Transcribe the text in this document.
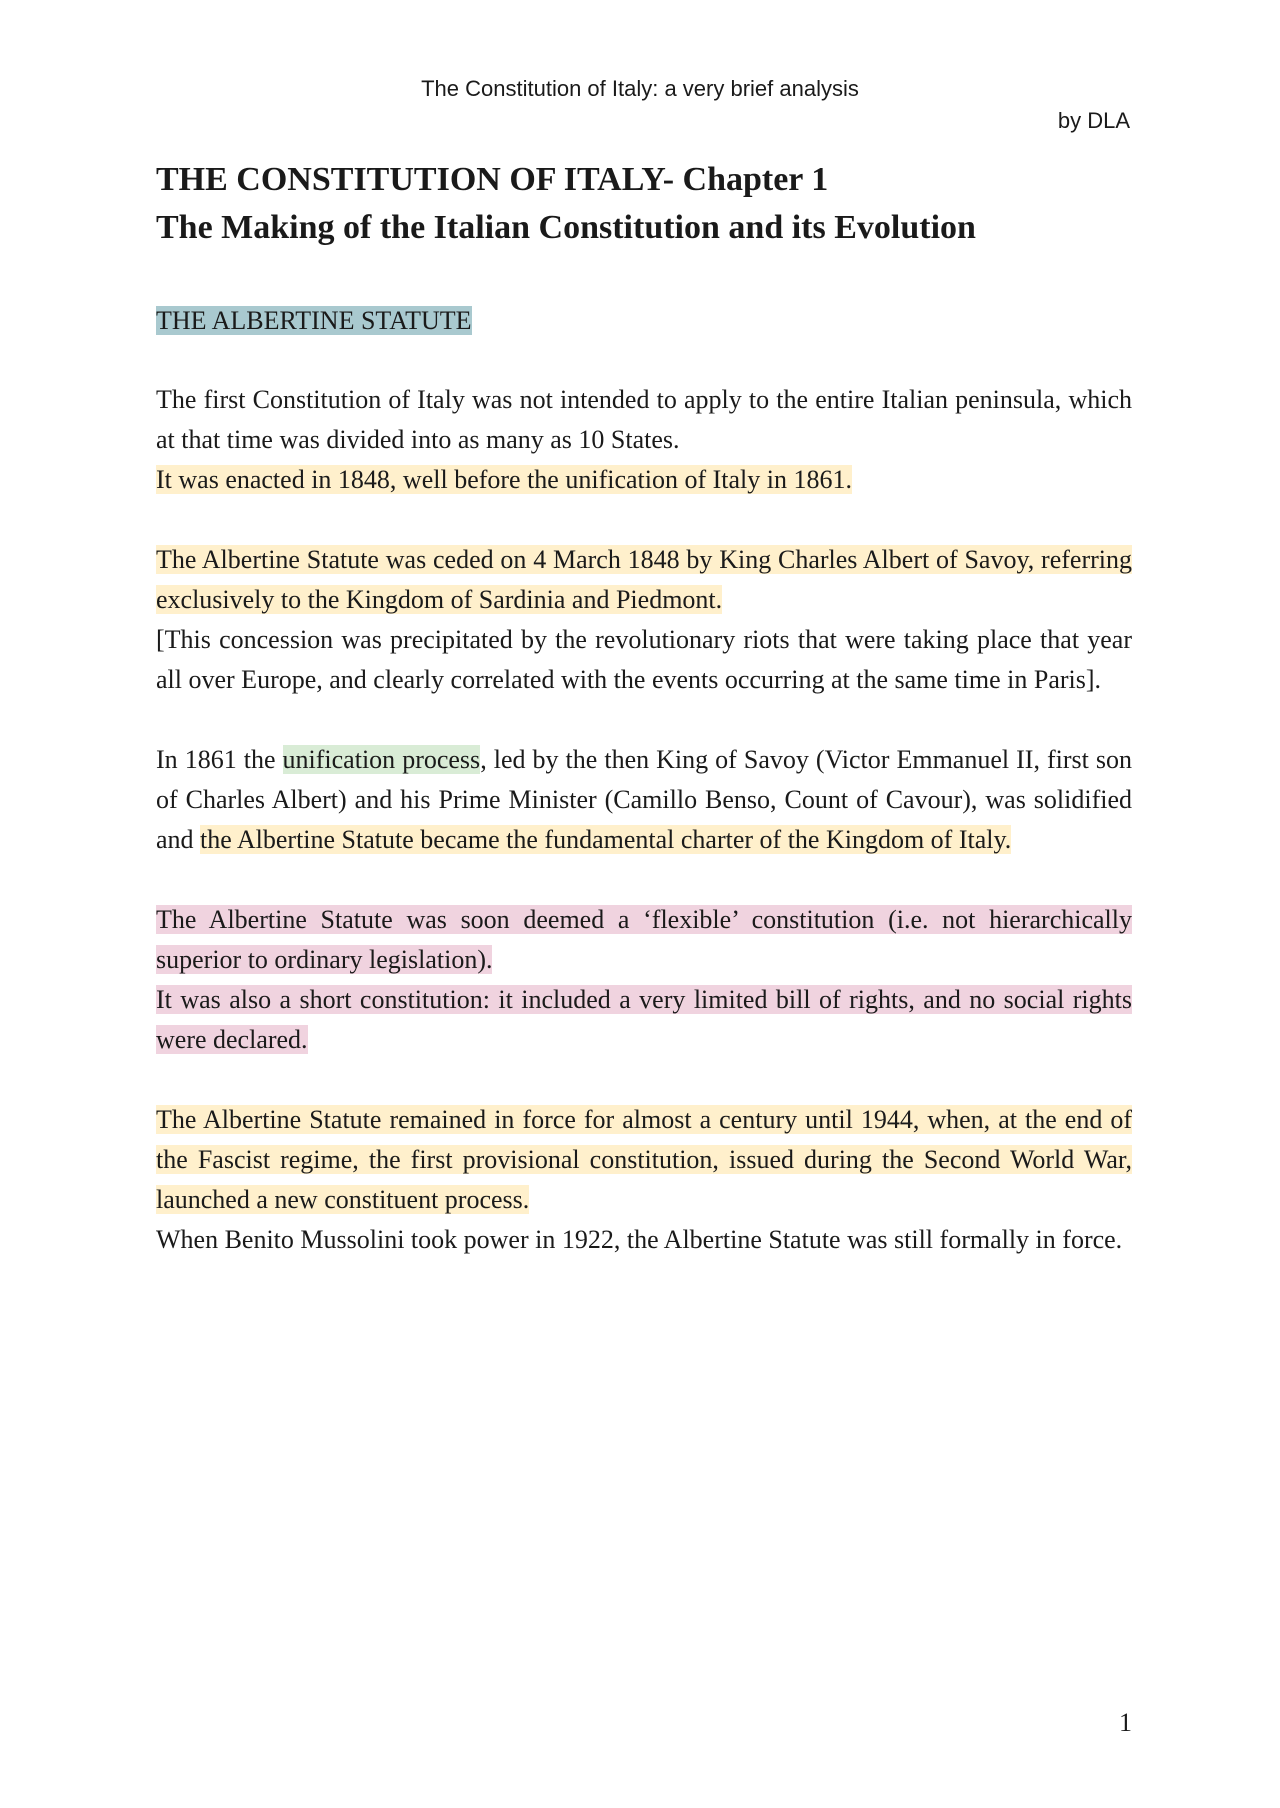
The Constitution of Italy: a very brief analysis
by DLA
THE CONSTITUTION OF ITALY- Chapter 1
The Making of the Italian Constitution and its Evolution
THE ALBERTINE STATUTE

The first Constitution of Italy was not intended to apply to the entire Italian peninsula, which at that time was divided into as many as 10 States.
It was enacted in 1848, well before the unification of Italy in 1861.

The Albertine Statute was ceded on 4 March 1848 by King Charles Albert of Savoy, referring exclusively to the Kingdom of Sardinia and Piedmont.
[This concession was precipitated by the revolutionary riots that were taking place that year all over Europe, and clearly correlated with the events occurring at the same time in Paris].

In 1861 the unification process, led by the then King of Savoy (Victor Emmanuel II, first son of Charles Albert) and his Prime Minister (Camillo Benso, Count of Cavour), was solidified and the Albertine Statute became the fundamental charter of the Kingdom of Italy.

The Albertine Statute was soon deemed a ‘flexible’ constitution (i.e. not hierarchically superior to ordinary legislation).
It was also a short constitution: it included a very limited bill of rights, and no social rights were declared.

The Albertine Statute remained in force for almost a century until 1944, when, at the end of the Fascist regime, the first provisional constitution, issued during the Second World War, launched a new constituent process.
When Benito Mussolini took power in 1922, the Albertine Statute was still formally in force.

1
